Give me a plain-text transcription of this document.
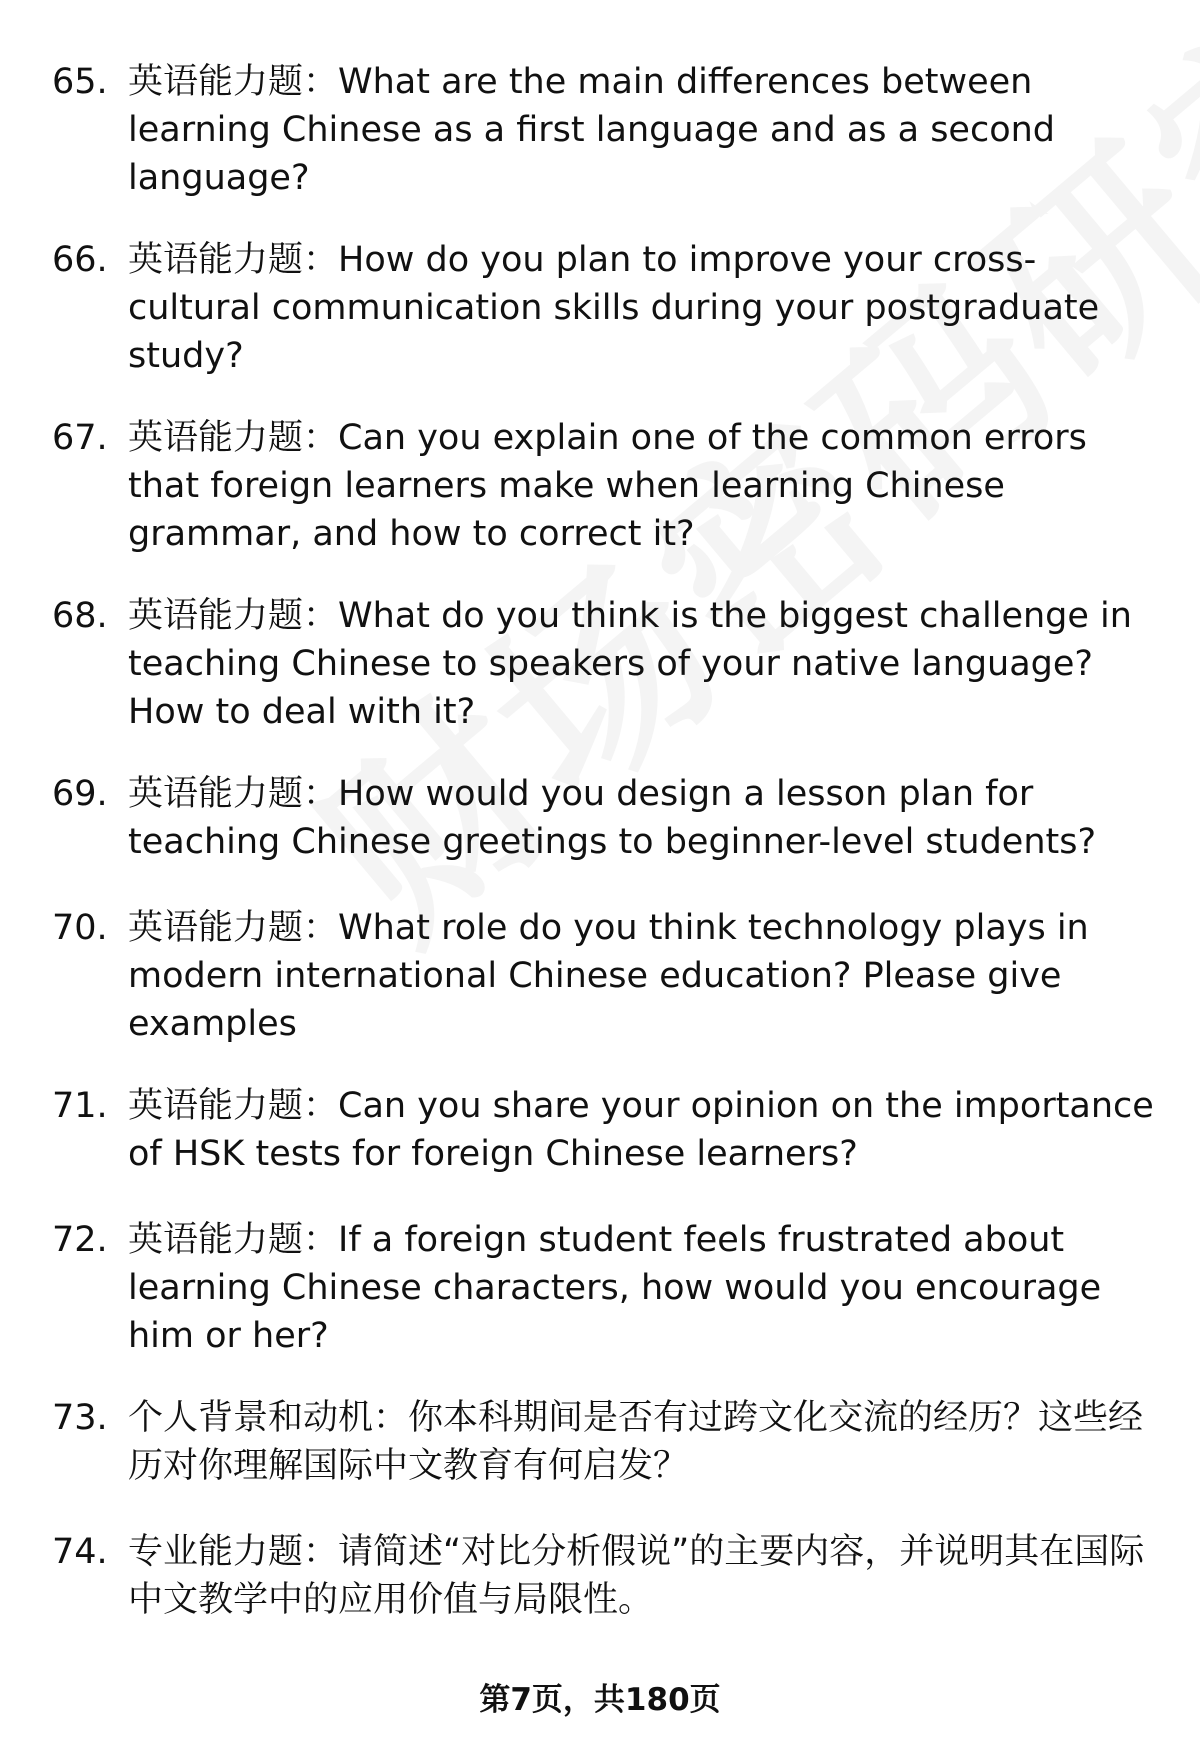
65. 英语能力题：What are the main differences between learning Chinese as a first language and as a second language?
66. 英语能力题：How do you plan to improve your cross-cultural communication skills during your postgraduate study?
67. 英语能力题：Can you explain one of the common errors that foreign learners make when learning Chinese grammar, and how to correct it?
68. 英语能力题：What do you think is the biggest challenge in teaching Chinese to speakers of your native language? How to deal with it?
69. 英语能力题：How would you design a lesson plan for teaching Chinese greetings to beginner-level students?
70. 英语能力题：What role do you think technology plays in modern international Chinese education? Please give examples
71. 英语能力题：Can you share your opinion on the importance of HSK tests for foreign Chinese learners?
72. 英语能力题：If a foreign student feels frustrated about learning Chinese characters, how would you encourage him or her?
73. 个人背景和动机：你本科期间是否有过跨文化交流的经历？这些经历对你理解国际中文教育有何启发？
74. 专业能力题：请简述“对比分析假说”的主要内容，并说明其在国际中文教学中的应用价值与局限性。
第7页，共180页
